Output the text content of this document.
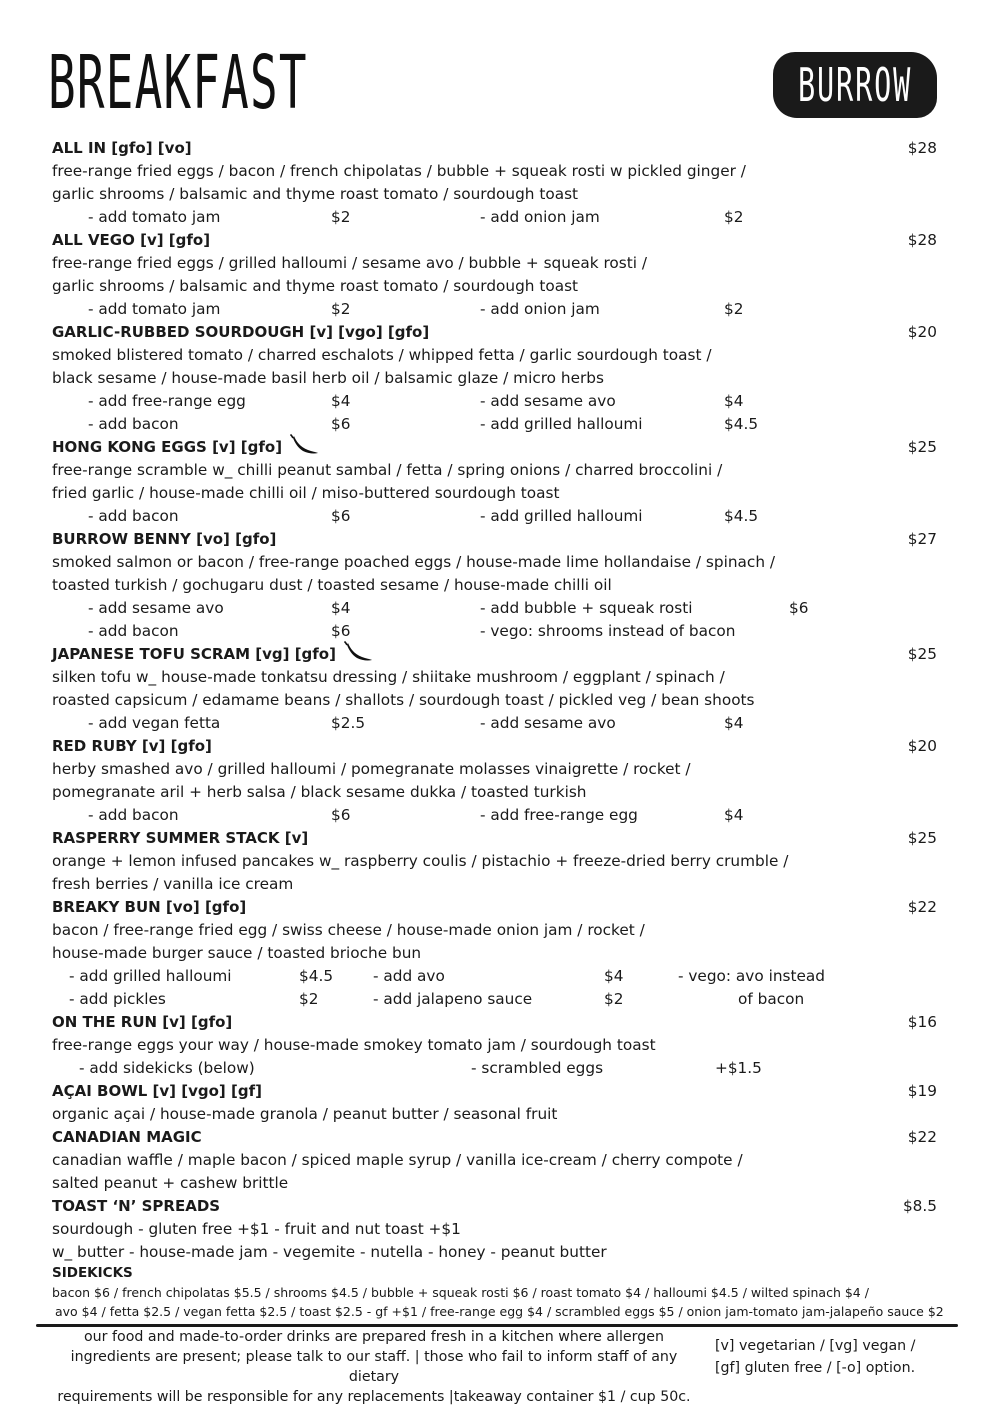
BREAKFAST	BURROW
ALL IN [gfo] [vo]	$28
free-range fried eggs / bacon / french chipolatas / bubble + squeak rosti w pickled ginger /
garlic shrooms / balsamic and thyme roast tomato / sourdough toast
- add tomato jam	$2	- add onion jam	$2
ALL VEGO [v] [gfo]	$28
free-range fried eggs / grilled halloumi / sesame avo / bubble + squeak rosti /
garlic shrooms / balsamic and thyme roast tomato / sourdough toast
- add tomato jam	$2	- add onion jam	$2
GARLIC-RUBBED SOURDOUGH [v] [vgo] [gfo]	$20
smoked blistered tomato / charred eschalots / whipped fetta / garlic sourdough toast /
black sesame / house-made basil herb oil / balsamic glaze / micro herbs
- add free-range egg	$4	- add sesame avo	$4
- add bacon	$6	- add grilled halloumi	$4.5
HONG KONG EGGS [v] [gfo]	$25
free-range scramble w_ chilli peanut sambal / fetta / spring onions / charred broccolini /
fried garlic / house-made chilli oil / miso-buttered sourdough toast
- add bacon	$6	- add grilled halloumi	$4.5
BURROW BENNY [vo] [gfo]	$27
smoked salmon or bacon / free-range poached eggs / house-made lime hollandaise / spinach /
toasted turkish / gochugaru dust / toasted sesame / house-made chilli oil
- add sesame avo	$4	- add bubble + squeak rosti	$6
- add bacon	$6	- vego: shrooms instead of bacon
JAPANESE TOFU SCRAM [vg] [gfo]	$25
silken tofu w_ house-made tonkatsu dressing / shiitake mushroom / eggplant / spinach /
roasted capsicum / edamame beans / shallots / sourdough toast / pickled veg / bean shoots
- add vegan fetta	$2.5	- add sesame avo	$4
RED RUBY [v] [gfo]	$20
herby smashed avo / grilled halloumi / pomegranate molasses vinaigrette / rocket /
pomegranate aril + herb salsa / black sesame dukka / toasted turkish
- add bacon	$6	- add free-range egg	$4
RASPERRY SUMMER STACK [v]	$25
orange + lemon infused pancakes w_ raspberry coulis / pistachio + freeze-dried berry crumble /
fresh berries / vanilla ice cream
BREAKY BUN [vo] [gfo]	$22
bacon / free-range fried egg / swiss cheese / house-made onion jam / rocket /
house-made burger sauce / toasted brioche bun
- add grilled halloumi	$4.5	- add avo	$4	- vego: avo instead
- add pickles	$2	- add jalapeno sauce	$2	of bacon
ON THE RUN [v] [gfo]	$16
free-range eggs your way / house-made smokey tomato jam / sourdough toast
- add sidekicks (below)	- scrambled eggs	+$1.5
AÇAI BOWL [v] [vgo] [gf]	$19
organic açai / house-made granola / peanut butter / seasonal fruit
CANADIAN MAGIC	$22
canadian waffle / maple bacon / spiced maple syrup / vanilla ice-cream / cherry compote /
salted peanut + cashew brittle
TOAST ‘N’ SPREADS	$8.5
sourdough - gluten free +$1 - fruit and nut toast +$1
w_ butter - house-made jam - vegemite - nutella - honey - peanut butter
SIDEKICKS
bacon $6 / french chipolatas $5.5 / shrooms $4.5 / bubble + squeak rosti $6 / roast tomato $4 / halloumi $4.5 / wilted spinach $4 /
avo $4 / fetta $2.5 / vegan fetta $2.5 / toast $2.5 - gf +$1 / free-range egg $4 / scrambled eggs $5 / onion jam-tomato jam-jalapeño sauce $2
our food and made-to-order drinks are prepared fresh in a kitchen where allergen
ingredients are present; please talk to our staff. | those who fail to inform staff of any dietary
requirements will be responsible for any replacements |takeaway container $1 / cup 50c.
[v] vegetarian / [vg] vegan /
[gf] gluten free / [-o] option.
